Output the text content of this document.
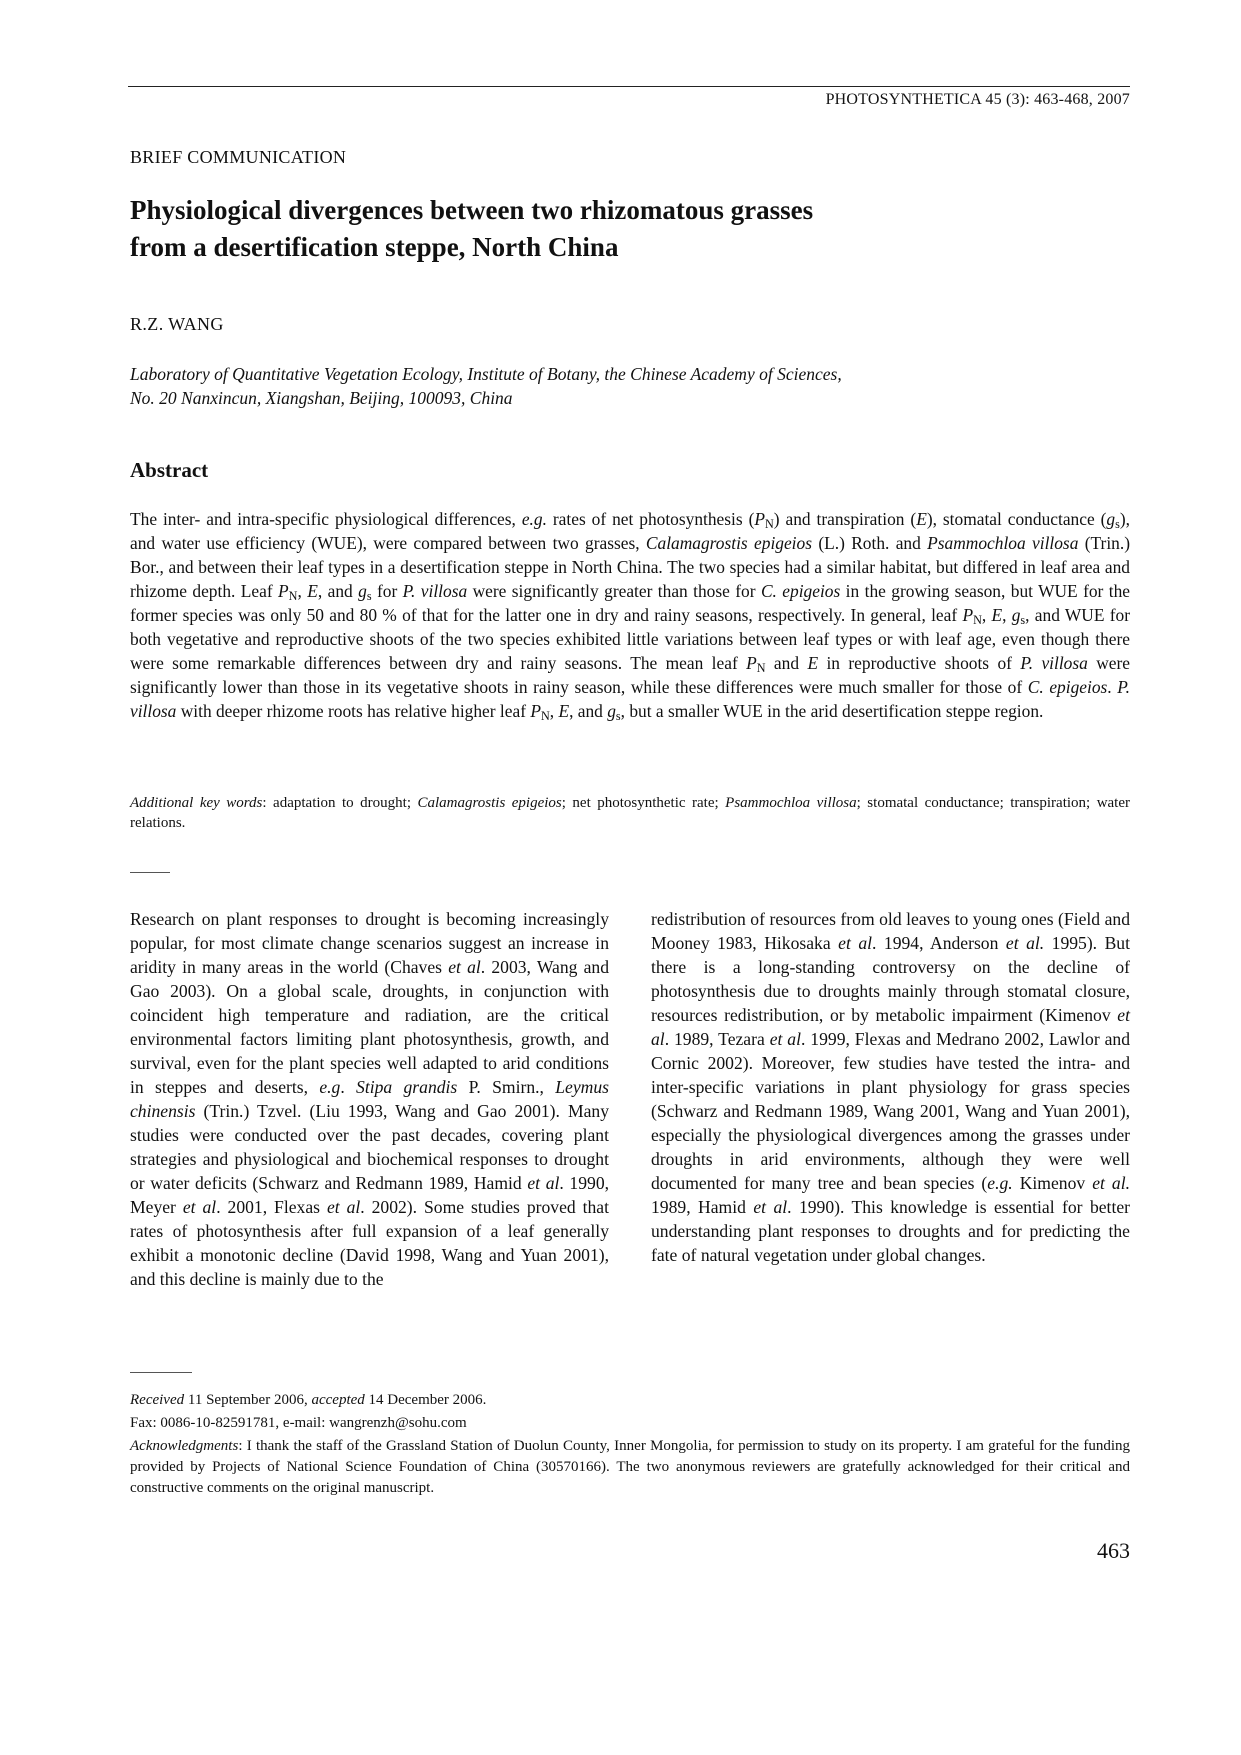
PHOTOSYNTHETICA 45 (3): 463-468, 2007
BRIEF COMMUNICATION
Physiological divergences between two rhizomatous grasses
from a desertification steppe, North China
R.Z. WANG
Laboratory of Quantitative Vegetation Ecology, Institute of Botany, the Chinese Academy of Sciences,
No. 20 Nanxincun, Xiangshan, Beijing, 100093, China
Abstract
The inter- and intra-specific physiological differences, e.g. rates of net photosynthesis $(P_N)$ and transpiration (E), stomatal conductance $(g_s)$, and water use efficiency (WUE), were compared between two grasses, Calamagrostis epigeios (L.) Roth. and Psammochloa villosa (Trin.) Bor., and between their leaf types in a desertification steppe in North China. The two species had a similar habitat, but differed in leaf area and rhizome depth. Leaf $P_N$, E, and $g_s$ for P. villosa were significantly greater than those for C. epigeios in the growing season, but WUE for the former species was only 50 and 80 % of that for the latter one in dry and rainy seasons, respectively. In general, leaf $P_N$, E, $g_s$, and WUE for both vegetative and reproductive shoots of the two species exhibited little variations between leaf types or with leaf age, even though there were some remarkable differences between dry and rainy seasons. The mean leaf $P_N$ and E in reproductive shoots of P. villosa were significantly lower than those in its vegetative shoots in rainy season, while these differences were much smaller for those of C. epigeios. P. villosa with deeper rhizome roots has relative higher leaf $P_N$, E, and $g_s$, but a smaller WUE in the arid desertification steppe region.
Additional key words: adaptation to drought; Calamagrostis epigeios; net photosynthetic rate; Psammochloa villosa; stomatal conductance; transpiration; water relations.
Research on plant responses to drought is becoming increasingly popular, for most climate change scenarios suggest an increase in aridity in many areas in the world (Chaves et al. 2003, Wang and Gao 2003). On a global scale, droughts, in conjunction with coincident high temperature and radiation, are the critical environmental factors limiting plant photosynthesis, growth, and survival, even for the plant species well adapted to arid conditions in steppes and deserts, e.g. Stipa grandis P. Smirn., Leymus chinensis (Trin.) Tzvel. (Liu 1993, Wang and Gao 2001). Many studies were conducted over the past decades, covering plant strategies and physiological and biochemical responses to drought or water deficits (Schwarz and Redmann 1989, Hamid et al. 1990, Meyer et al. 2001, Flexas et al. 2002). Some studies proved that rates of photosynthesis after full expansion of a leaf generally exhibit a monotonic decline (David 1998, Wang and Yuan 2001), and this decline is mainly due to the
redistribution of resources from old leaves to young ones (Field and Mooney 1983, Hikosaka et al. 1994, Anderson et al. 1995). But there is a long-standing controversy on the decline of photosynthesis due to droughts mainly through stomatal closure, resources redistribution, or by metabolic impairment (Kimenov et al. 1989, Tezara et al. 1999, Flexas and Medrano 2002, Lawlor and Cornic 2002). Moreover, few studies have tested the intra- and inter-specific variations in plant physiology for grass species (Schwarz and Redmann 1989, Wang 2001, Wang and Yuan 2001), especially the physiological divergences among the grasses under droughts in arid environments, although they were well documented for many tree and bean species (e.g. Kimenov et al. 1989, Hamid et al. 1990). This knowledge is essential for better understanding plant responses to droughts and for predicting the fate of natural vegetation under global changes.

Received 11 September 2006, accepted 14 December 2006.

Fax: 0086-10-82591781, e-mail: wangrenzh@sohu.com

Acknowledgments: I thank the staff of the Grassland Station of Duolun County, Inner Mongolia, for permission to study on its property. I am grateful for the funding provided by Projects of National Science Foundation of China (30570166). The two anonymous reviewers are gratefully acknowledged for their critical and constructive comments on the original manuscript.

463
